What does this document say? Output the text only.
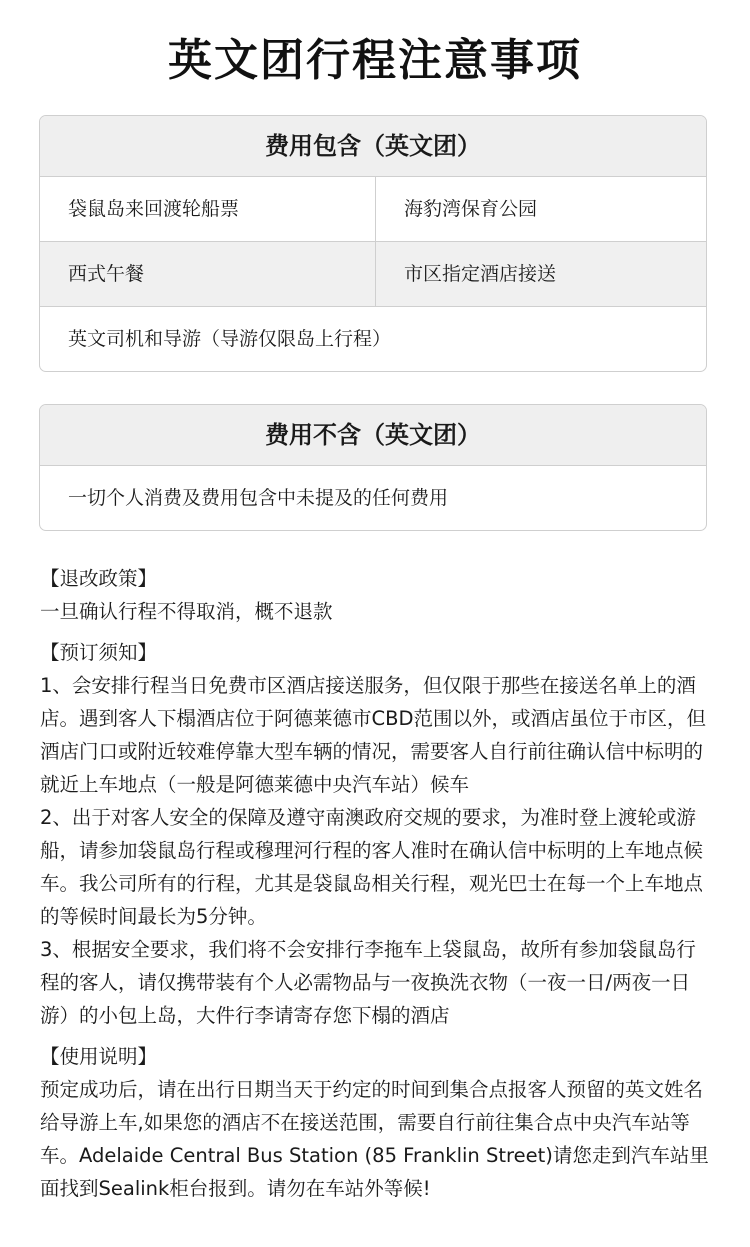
英文团行程注意事项
费用包含（英文团）
袋鼠岛来回渡轮船票	海豹湾保育公园
西式午餐	市区指定酒店接送
英文司机和导游（导游仅限岛上行程）
费用不含（英文团）
一切个人消费及费用包含中未提及的任何费用

【退改政策】

一旦确认行程不得取消，概不退款

【预订须知】

1、会安排行程当日免费市区酒店接送服务，但仅限于那些在接送名单上的酒店。遇到客人下榻酒店位于阿德莱德市CBD范围以外，或酒店虽位于市区，但酒店门口或附近较难停靠大型车辆的情况，需要客人自行前往确认信中标明的就近上车地点（一般是阿德莱德中央汽车站）候车

2、出于对客人安全的保障及遵守南澳政府交规的要求，为准时登上渡轮或游船，请参加袋鼠岛行程或穆理河行程的客人准时在确认信中标明的上车地点候车。我公司所有的行程，尤其是袋鼠岛相关行程，观光巴士在每一个上车地点的等候时间最长为5分钟。

3、根据安全要求，我们将不会安排行李拖车上袋鼠岛，故所有参加袋鼠岛行程的客人，请仅携带装有个人必需物品与一夜换洗衣物（一夜一日/两夜一日游）的小包上岛，大件行李请寄存您下榻的酒店

【使用说明】

预定成功后，请在出行日期当天于约定的时间到集合点报客人预留的英文姓名给导游上车,如果您的酒店不在接送范围，需要自行前往集合点中央汽车站等车。Adelaide Central Bus Station (85 Franklin Street)请您走到汽车站里面找到Sealink柜台报到。请勿在车站外等候!
